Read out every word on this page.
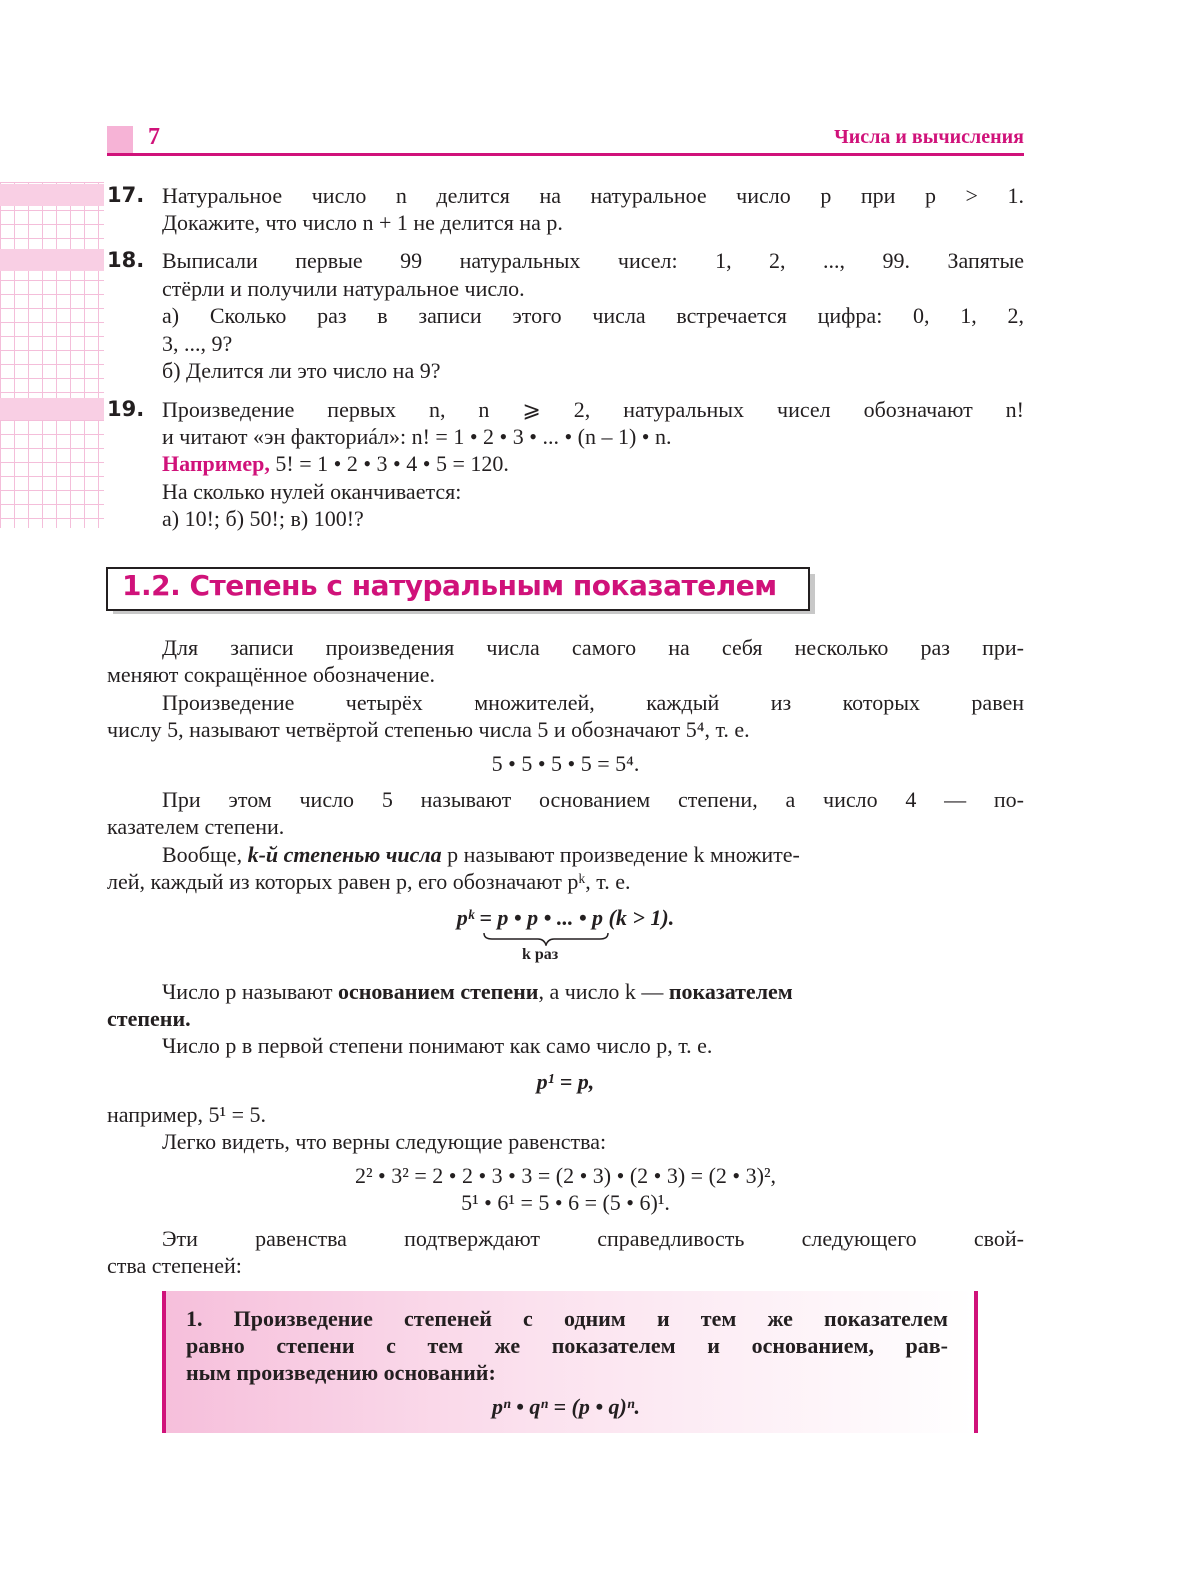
7	Числа и вычисления
17. Натуральное число n делится на натуральное число p при p > 1.
Докажите, что число n + 1 не делится на p.
18. Выписали первые 99 натуральных чисел: 1, 2, ..., 99. Запятые
стёрли и получили натуральное число.
а) Сколько раз в записи этого числа встречается цифра: 0, 1, 2,
3, ..., 9?
б) Делится ли это число на 9?
19. Произведение первых n, n ⩾ 2, натуральных чисел обозначают n!
и читают «эн факториáл»: n! = 1 • 2 • 3 • ... • (n – 1) • n.
Например, 5! = 1 • 2 • 3 • 4 • 5 = 120.
На сколько нулей оканчивается:
а) 10!; б) 50!; в) 100!?
1.2. Степень с натуральным показателем
Для записи произведения числа самого на себя несколько раз при-
меняют сокращённое обозначение.
Произведение четырёх множителей, каждый из которых равен
числу 5, называют четвёртой степенью числа 5 и обозначают 5⁴, т. е.
5 • 5 • 5 • 5 = 5⁴.
При этом число 5 называют основанием степени, а число 4 — по-
казателем степени.
Вообще, k-й степенью числа p называют произведение k множите-
лей, каждый из которых равен p, его обозначают pᵏ, т. е.
pᵏ = p • p • ... • p (k > 1).
k раз
Число p называют основанием степени, а число k — показателем
степени.
Число p в первой степени понимают как само число p, т. е.
p¹ = p,
например, 5¹ = 5.
Легко видеть, что верны следующие равенства:
2² • 3² = 2 • 2 • 3 • 3 = (2 • 3) • (2 • 3) = (2 • 3)²,
5¹ • 6¹ = 5 • 6 = (5 • 6)¹.
Эти равенства подтверждают справедливость следующего свой-
ства степеней:
1. Произведение степеней с одним и тем же показателем
равно степени с тем же показателем и основанием, рав-
ным произведению оснований:
pⁿ • qⁿ = (p • q)ⁿ.
